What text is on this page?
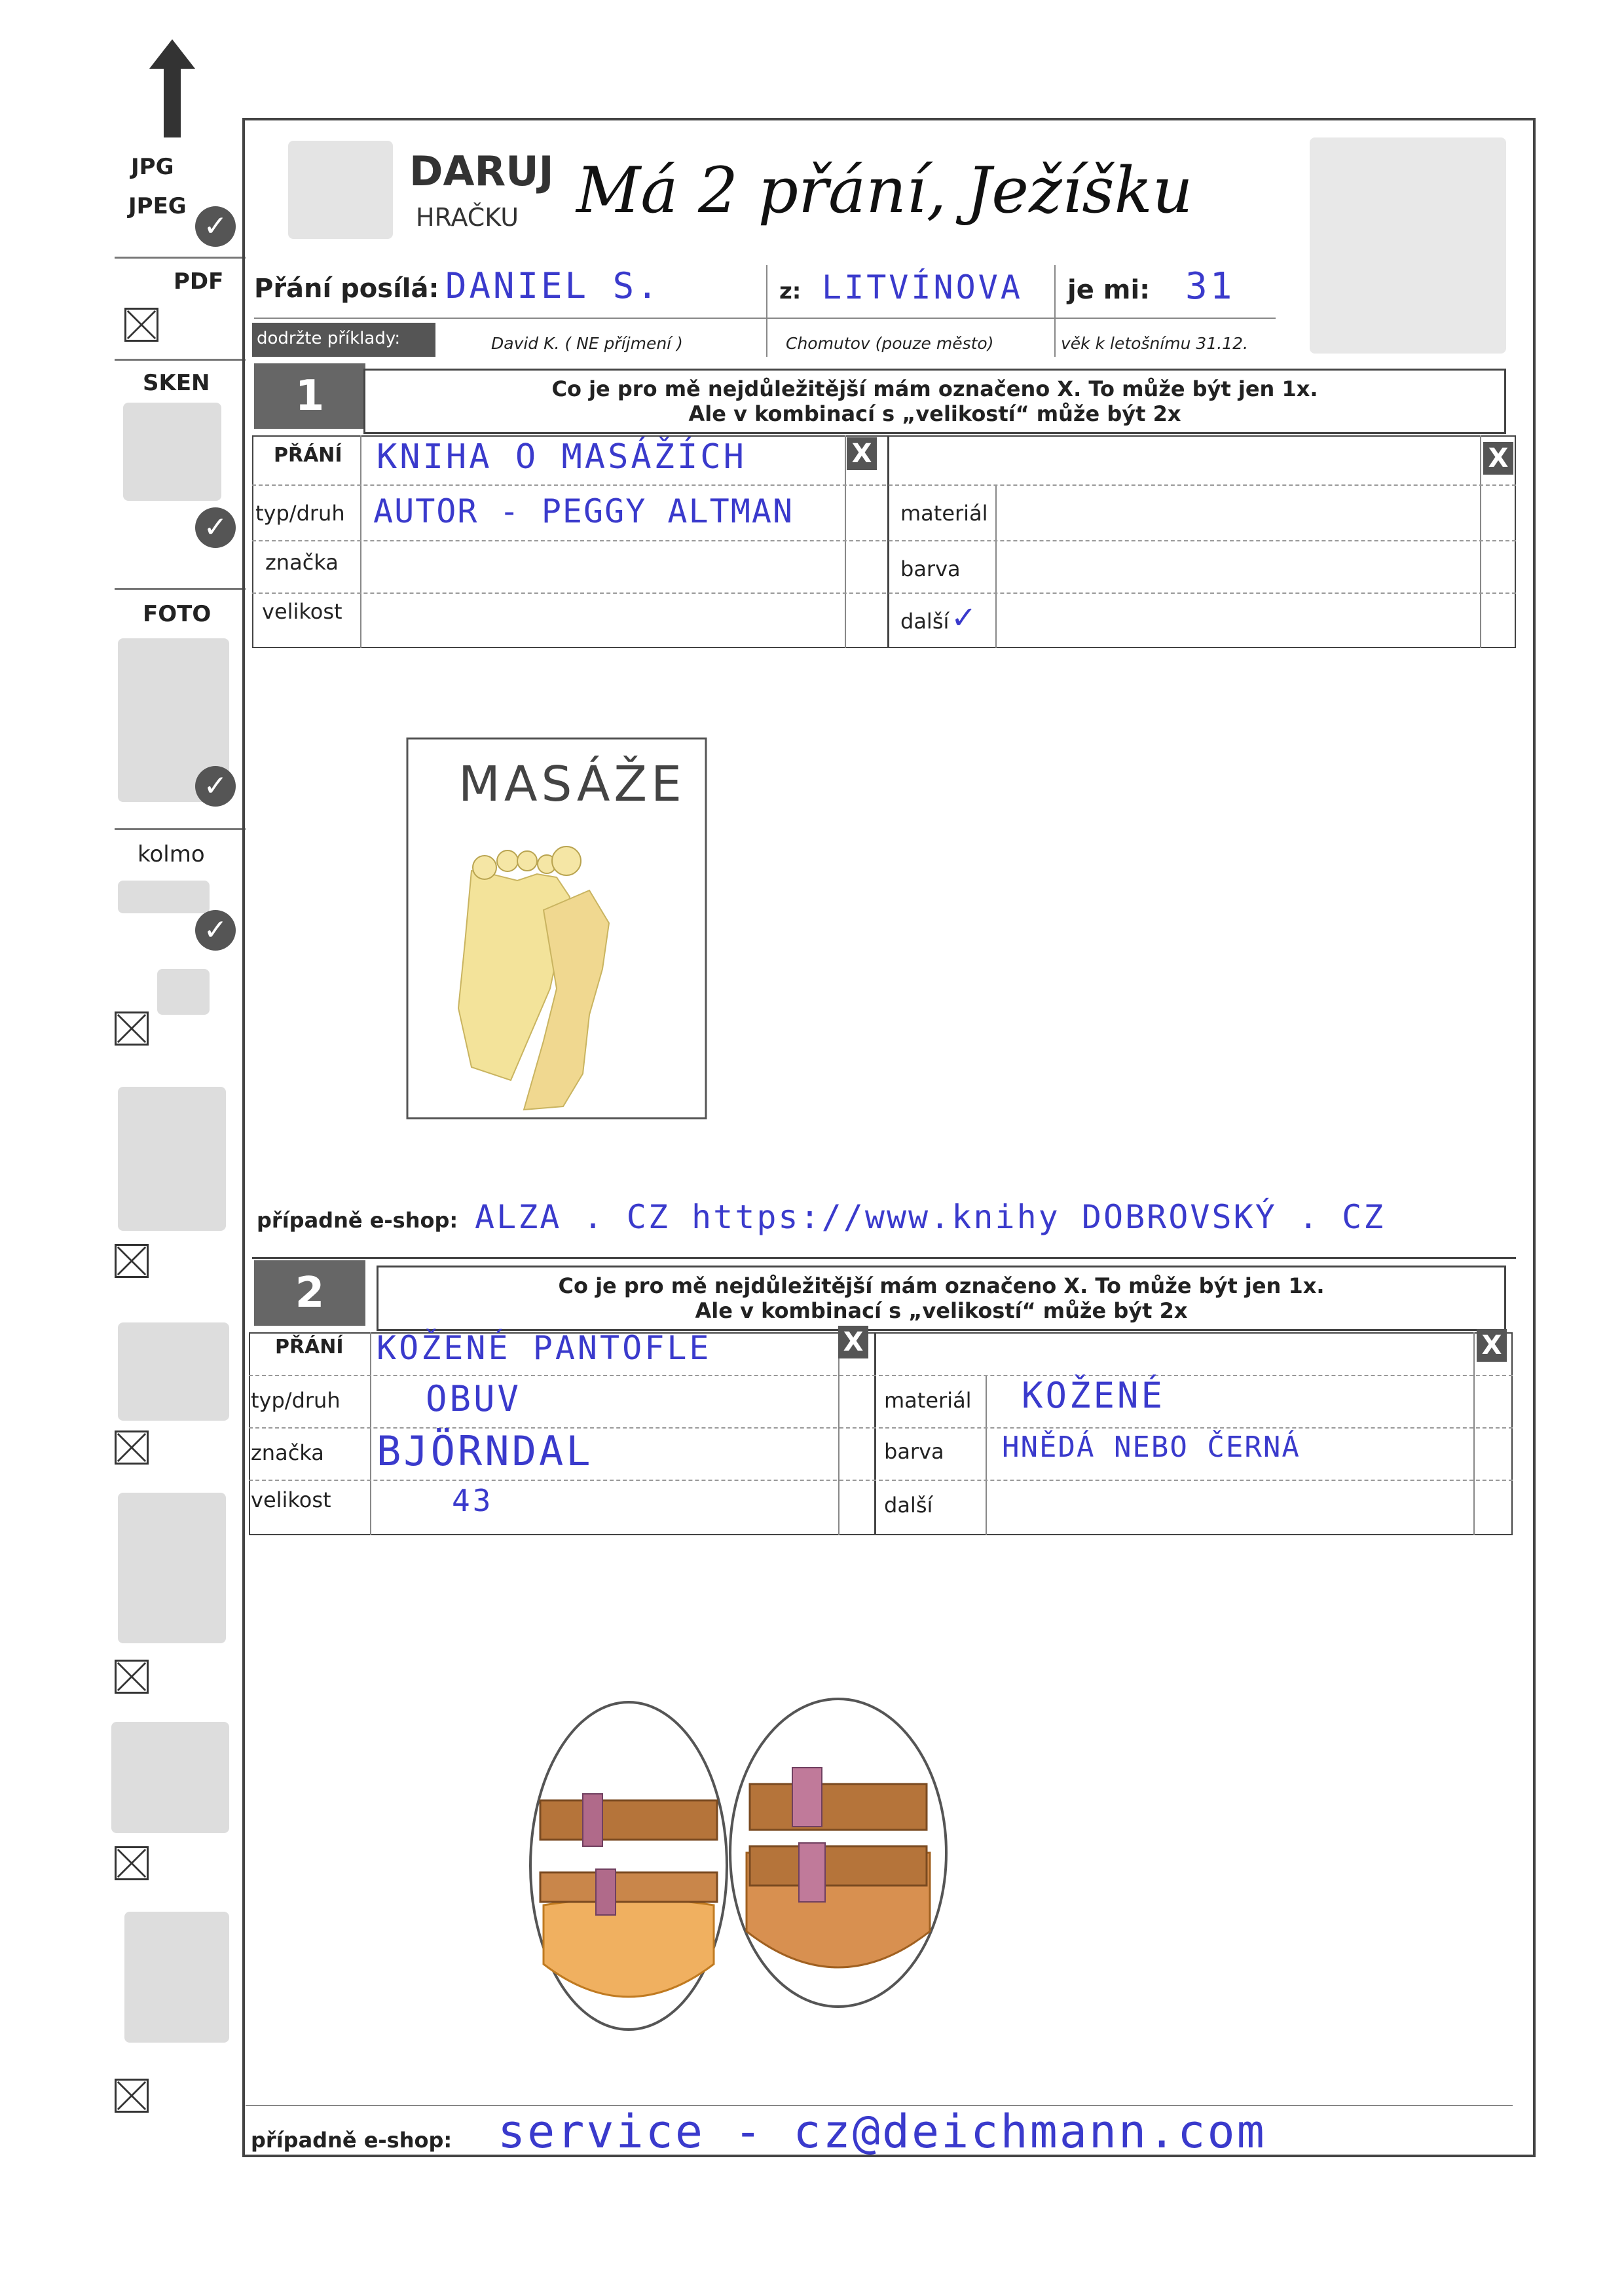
JPG
JPEG
✓
PDF
SKEN
✓
FOTO
✓
kolmo
✓
DARUJ
HRAČKU Má 2 přání, Ježíšku
Přání posílá: DANIEL S.	z: LITVÍNOVA je mi: 31
dodržte příklady:	David K. ( NE příjmení )	Chomutov (pouze město)	věk k letošnímu 31.12.
1	Co je pro mě nejdůležitější mám označeno X. To může být jen 1x.
Ale v kombinací s „velikostí“ může být 2x
X	X
PŘÁNÍ KNIHA O MASÁŽÍCH
typ/druh AUTOR - PEGGY ALTMAN
značka
velikost
materiál
barva
další ✓
MASÁŽE
případně e-shop: ALZA . CZ https://www.knihy DOBROVSKÝ . CZ
2	Co je pro mě nejdůležitější mám označeno X. To může být jen 1x.
Ale v kombinací s „velikostí“ může být 2x
X	X
PŘÁNÍ KOŽENÉ PANTOFLE
typ/druh OBUV
značka BJÖRNDAL
velikost	43
materiál KOŽENÉ
barva HNĚDÁ NEBO ČERNÁ
další
případně e-shop: service - cz@deichmann.com
